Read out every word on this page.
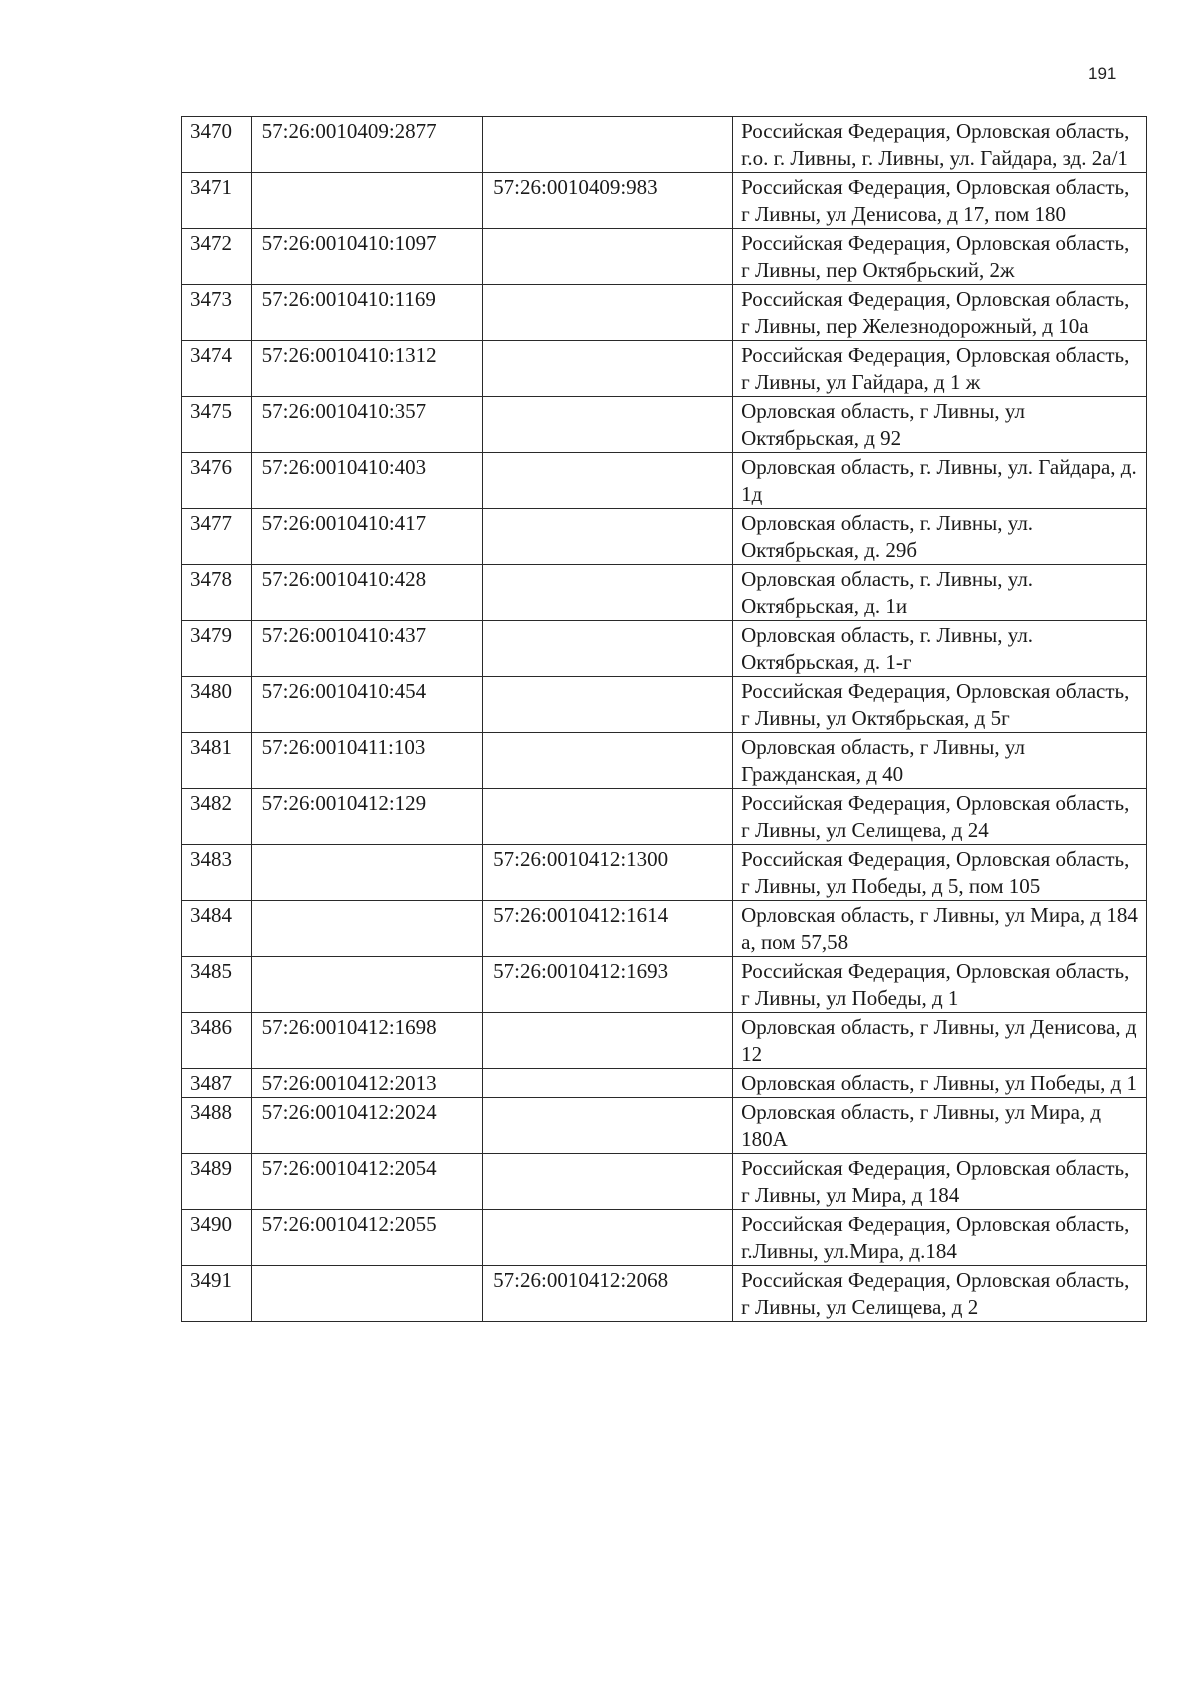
191
3470	57:26:0010409:2877		Российская Федерация, Орловская область, г.о. г. Ливны, г. Ливны, ул. Гайдара, зд. 2а/1
3471		57:26:0010409:983	Российская Федерация, Орловская область, г Ливны, ул Денисова, д 17, пом 180
3472	57:26:0010410:1097		Российская Федерация, Орловская область, г Ливны, пер Октябрьский, 2ж
3473	57:26:0010410:1169		Российская Федерация, Орловская область, г Ливны, пер Железнодорожный, д 10а
3474	57:26:0010410:1312		Российская Федерация, Орловская область, г Ливны, ул Гайдара, д 1 ж
3475	57:26:0010410:357		Орловская область, г Ливны, ул Октябрьская, д 92
3476	57:26:0010410:403		Орловская область, г. Ливны, ул. Гайдара, д. 1д
3477	57:26:0010410:417		Орловская область, г. Ливны, ул. Октябрьская, д. 29б
3478	57:26:0010410:428		Орловская область, г. Ливны, ул. Октябрьская, д. 1и
3479	57:26:0010410:437		Орловская область, г. Ливны, ул. Октябрьская, д. 1-г
3480	57:26:0010410:454		Российская Федерация, Орловская область, г Ливны, ул Октябрьская, д 5г
3481	57:26:0010411:103		Орловская область, г Ливны, ул Гражданская, д 40
3482	57:26:0010412:129		Российская Федерация, Орловская область, г Ливны, ул Селищева, д 24
3483		57:26:0010412:1300	Российская Федерация, Орловская область, г Ливны, ул Победы, д 5, пом 105
3484		57:26:0010412:1614	Орловская область, г Ливны, ул Мира, д 184 а, пом 57,58
3485		57:26:0010412:1693	Российская Федерация, Орловская область, г Ливны, ул Победы, д 1
3486	57:26:0010412:1698		Орловская область, г Ливны, ул Денисова, д 12
3487	57:26:0010412:2013		Орловская область, г Ливны, ул Победы, д 1
3488	57:26:0010412:2024		Орловская область, г Ливны, ул Мира, д 180А
3489	57:26:0010412:2054		Российская Федерация, Орловская область, г Ливны, ул Мира, д 184
3490	57:26:0010412:2055		Российская Федерация, Орловская область, г.Ливны, ул.Мира, д.184
3491		57:26:0010412:2068	Российская Федерация, Орловская область, г Ливны, ул Селищева, д 2
